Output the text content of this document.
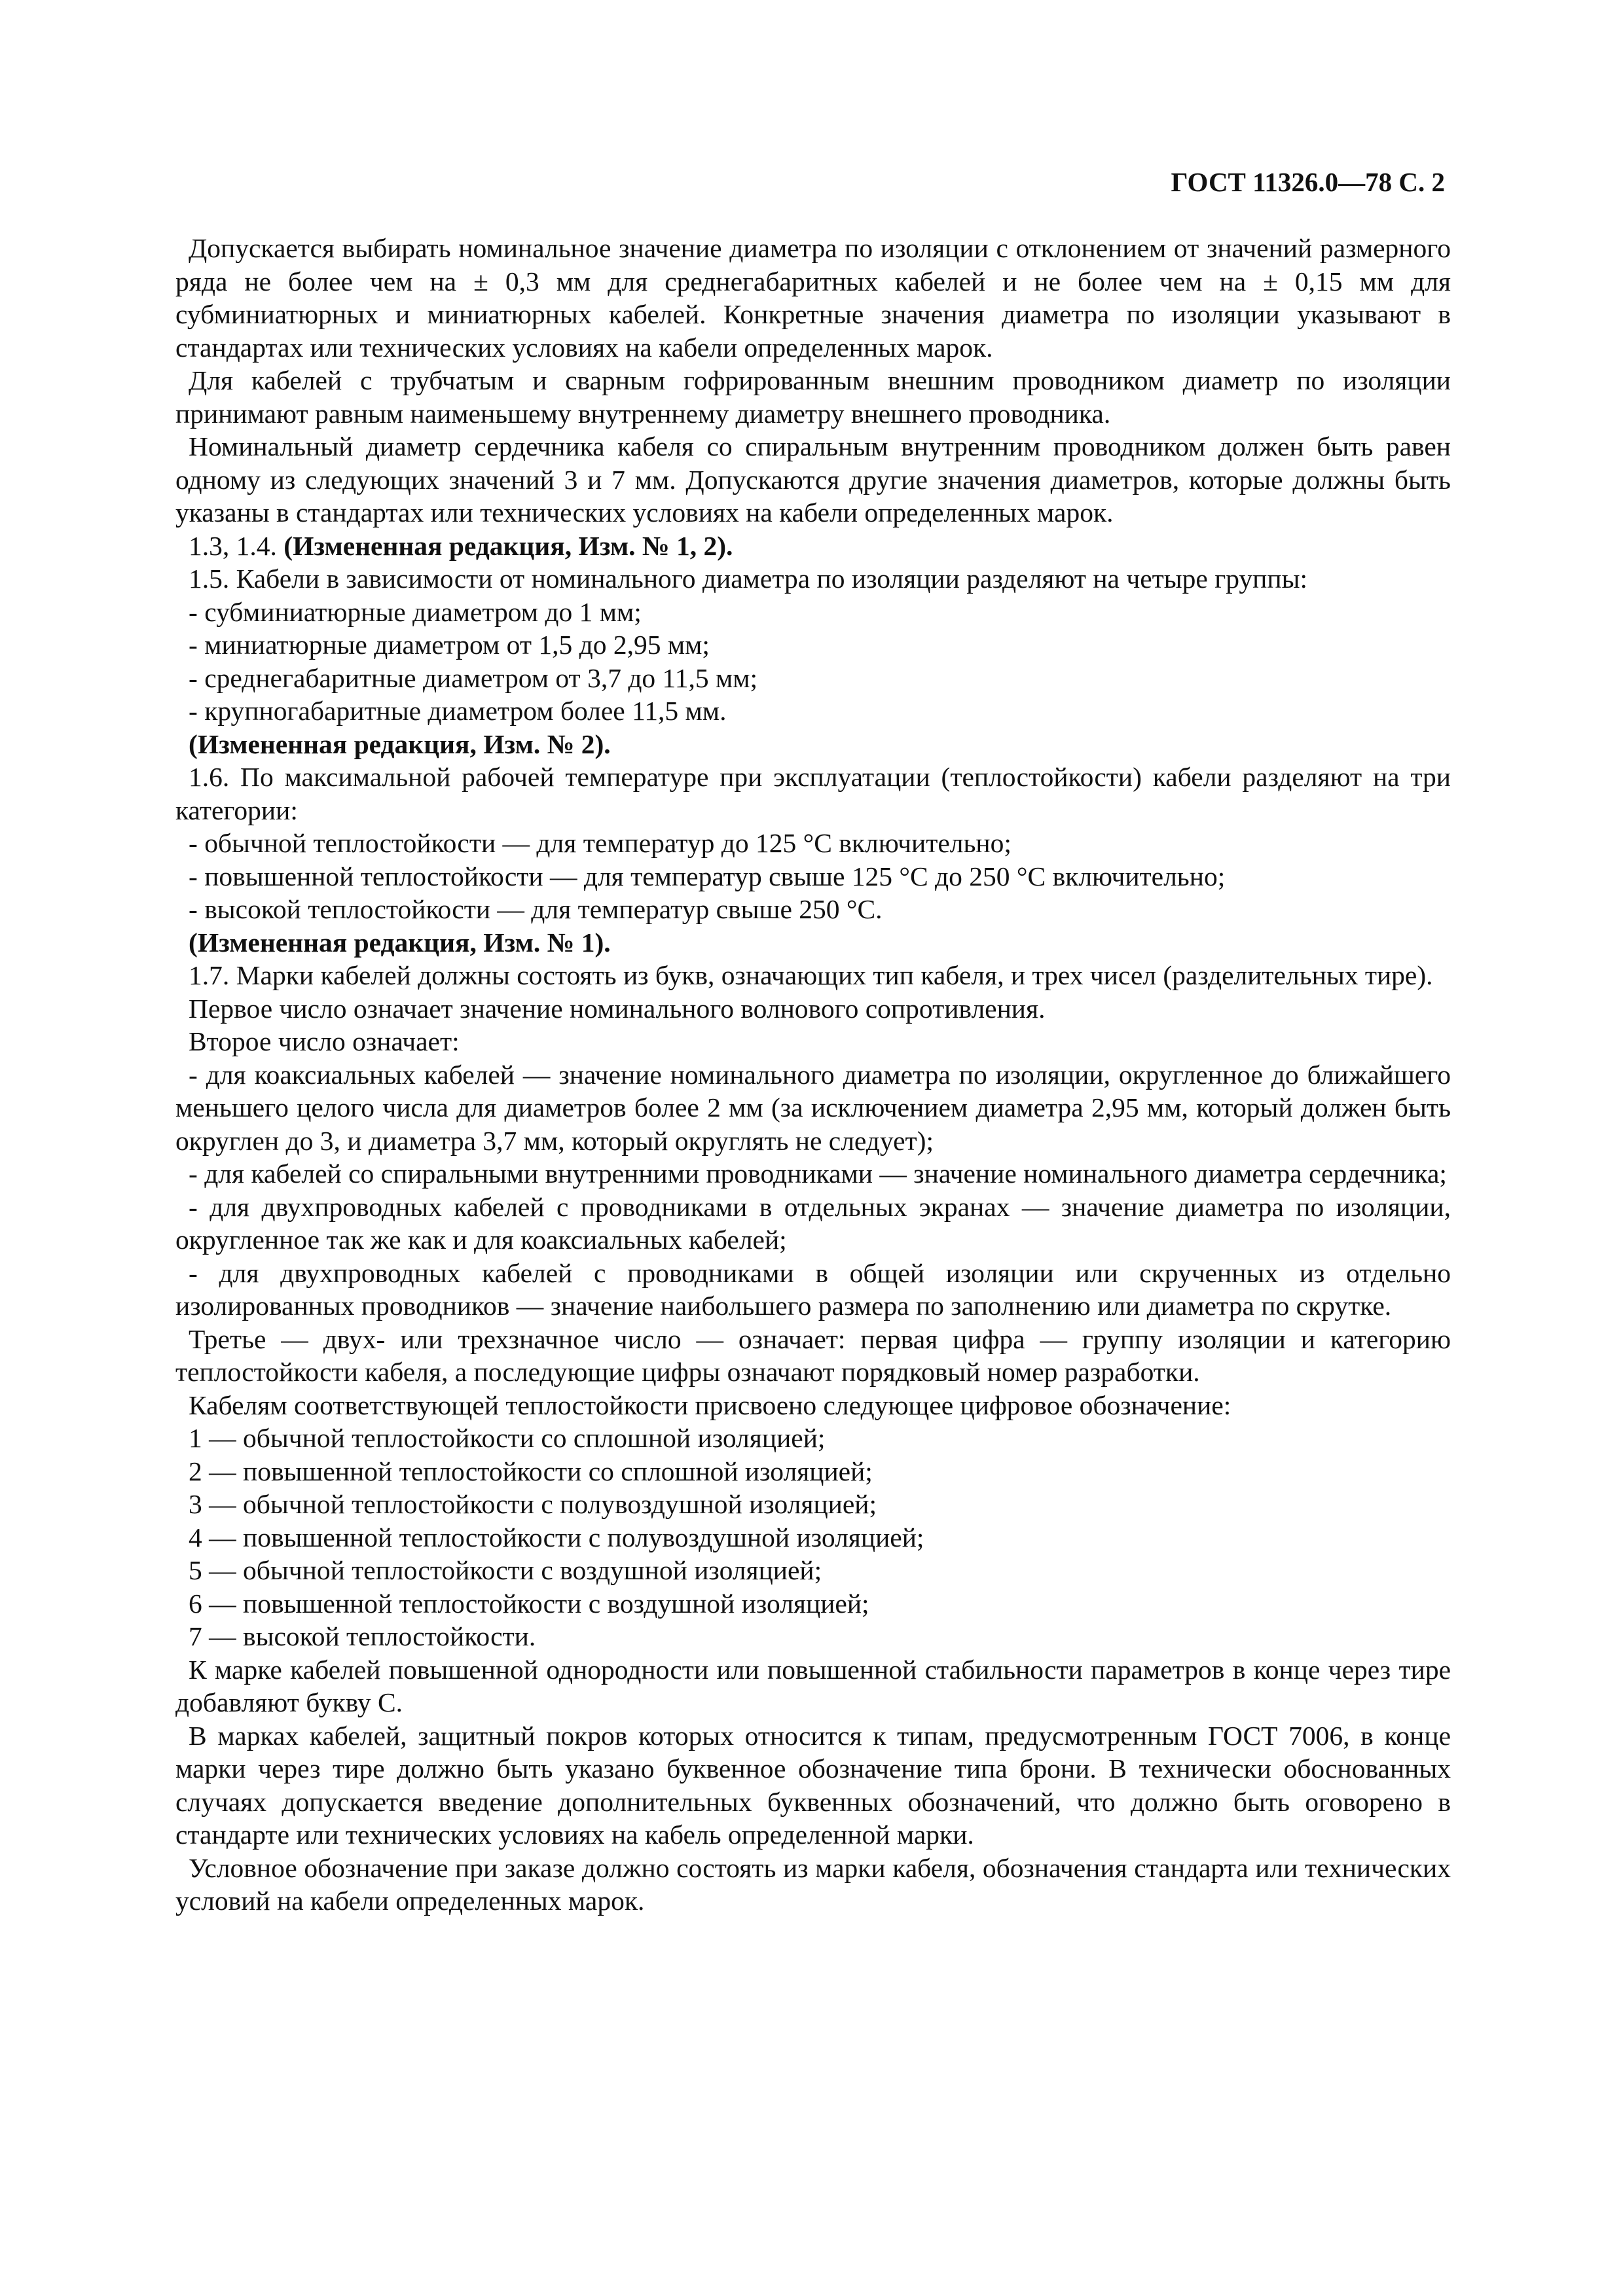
ГОСТ 11326.0—78 С. 2

Допускается выбирать номинальное значение диаметра по изоляции с отклонением от значений размерного ряда не более чем на ± 0,3 мм для среднегабаритных кабелей и не более чем на ± 0,15 мм для субминиатюрных и миниатюрных кабелей. Конкретные значения диаметра по изоляции указывают в стандартах или технических условиях на кабели определенных марок.

Для кабелей с трубчатым и сварным гофрированным внешним проводником диаметр по изоляции принимают равным наименьшему внутреннему диаметру внешнего проводника.

Номинальный диаметр сердечника кабеля со спиральным внутренним проводником должен быть равен одному из следующих значений 3 и 7 мм. Допускаются другие значения диаметров, которые должны быть указаны в стандартах или технических условиях на кабели определенных марок.

1.3, 1.4. (Измененная редакция, Изм. № 1, 2).

1.5. Кабели в зависимости от номинального диаметра по изоляции разделяют на четыре группы:

- субминиатюрные диаметром до 1 мм;

- миниатюрные диаметром от 1,5 до 2,95 мм;

- среднегабаритные диаметром от 3,7 до 11,5 мм;

- крупногабаритные диаметром более 11,5 мм.

(Измененная редакция, Изм. № 2).

1.6. По максимальной рабочей температуре при эксплуатации (теплостойкости) кабели разделяют на три категории:

- обычной теплостойкости — для температур до 125 °С включительно;

- повышенной теплостойкости — для температур свыше 125 °С до 250 °С включительно;

- высокой теплостойкости — для температур свыше 250 °С.

(Измененная редакция, Изм. № 1).

1.7. Марки кабелей должны состоять из букв, означающих тип кабеля, и трех чисел (разделительных тире).

Первое число означает значение номинального волнового сопротивления.

Второе число означает:

- для коаксиальных кабелей — значение номинального диаметра по изоляции, округленное до ближайшего меньшего целого числа для диаметров более 2 мм (за исключением диаметра 2,95 мм, который должен быть округлен до 3, и диаметра 3,7 мм, который округлять не следует);

- для кабелей со спиральными внутренними проводниками — значение номинального диаметра сердечника;

- для двухпроводных кабелей с проводниками в отдельных экранах — значение диаметра по изоляции, округленное так же как и для коаксиальных кабелей;

- для двухпроводных кабелей с проводниками в общей изоляции или скрученных из отдельно изолированных проводников — значение наибольшего размера по заполнению или диаметра по скрутке.

Третье — двух- или трехзначное число — означает: первая цифра — группу изоляции и категорию теплостойкости кабеля, а последующие цифры означают порядковый номер разработки.

Кабелям соответствующей теплостойкости присвоено следующее цифровое обозначение:

1 — обычной теплостойкости со сплошной изоляцией;

2 — повышенной теплостойкости со сплошной изоляцией;

3 — обычной теплостойкости с полувоздушной изоляцией;

4 — повышенной теплостойкости с полувоздушной изоляцией;

5 — обычной теплостойкости с воздушной изоляцией;

6 — повышенной теплостойкости с воздушной изоляцией;

7 — высокой теплостойкости.

К марке кабелей повышенной однородности или повышенной стабильности параметров в конце через тире добавляют букву С.

В марках кабелей, защитный покров которых относится к типам, предусмотренным ГОСТ 7006, в конце марки через тире должно быть указано буквенное обозначение типа брони. В технически обоснованных случаях допускается введение дополнительных буквенных обозначений, что должно быть оговорено в стандарте или технических условиях на кабель определенной марки.

Условное обозначение при заказе должно состоять из марки кабеля, обозначения стандарта или технических условий на кабели определенных марок.
